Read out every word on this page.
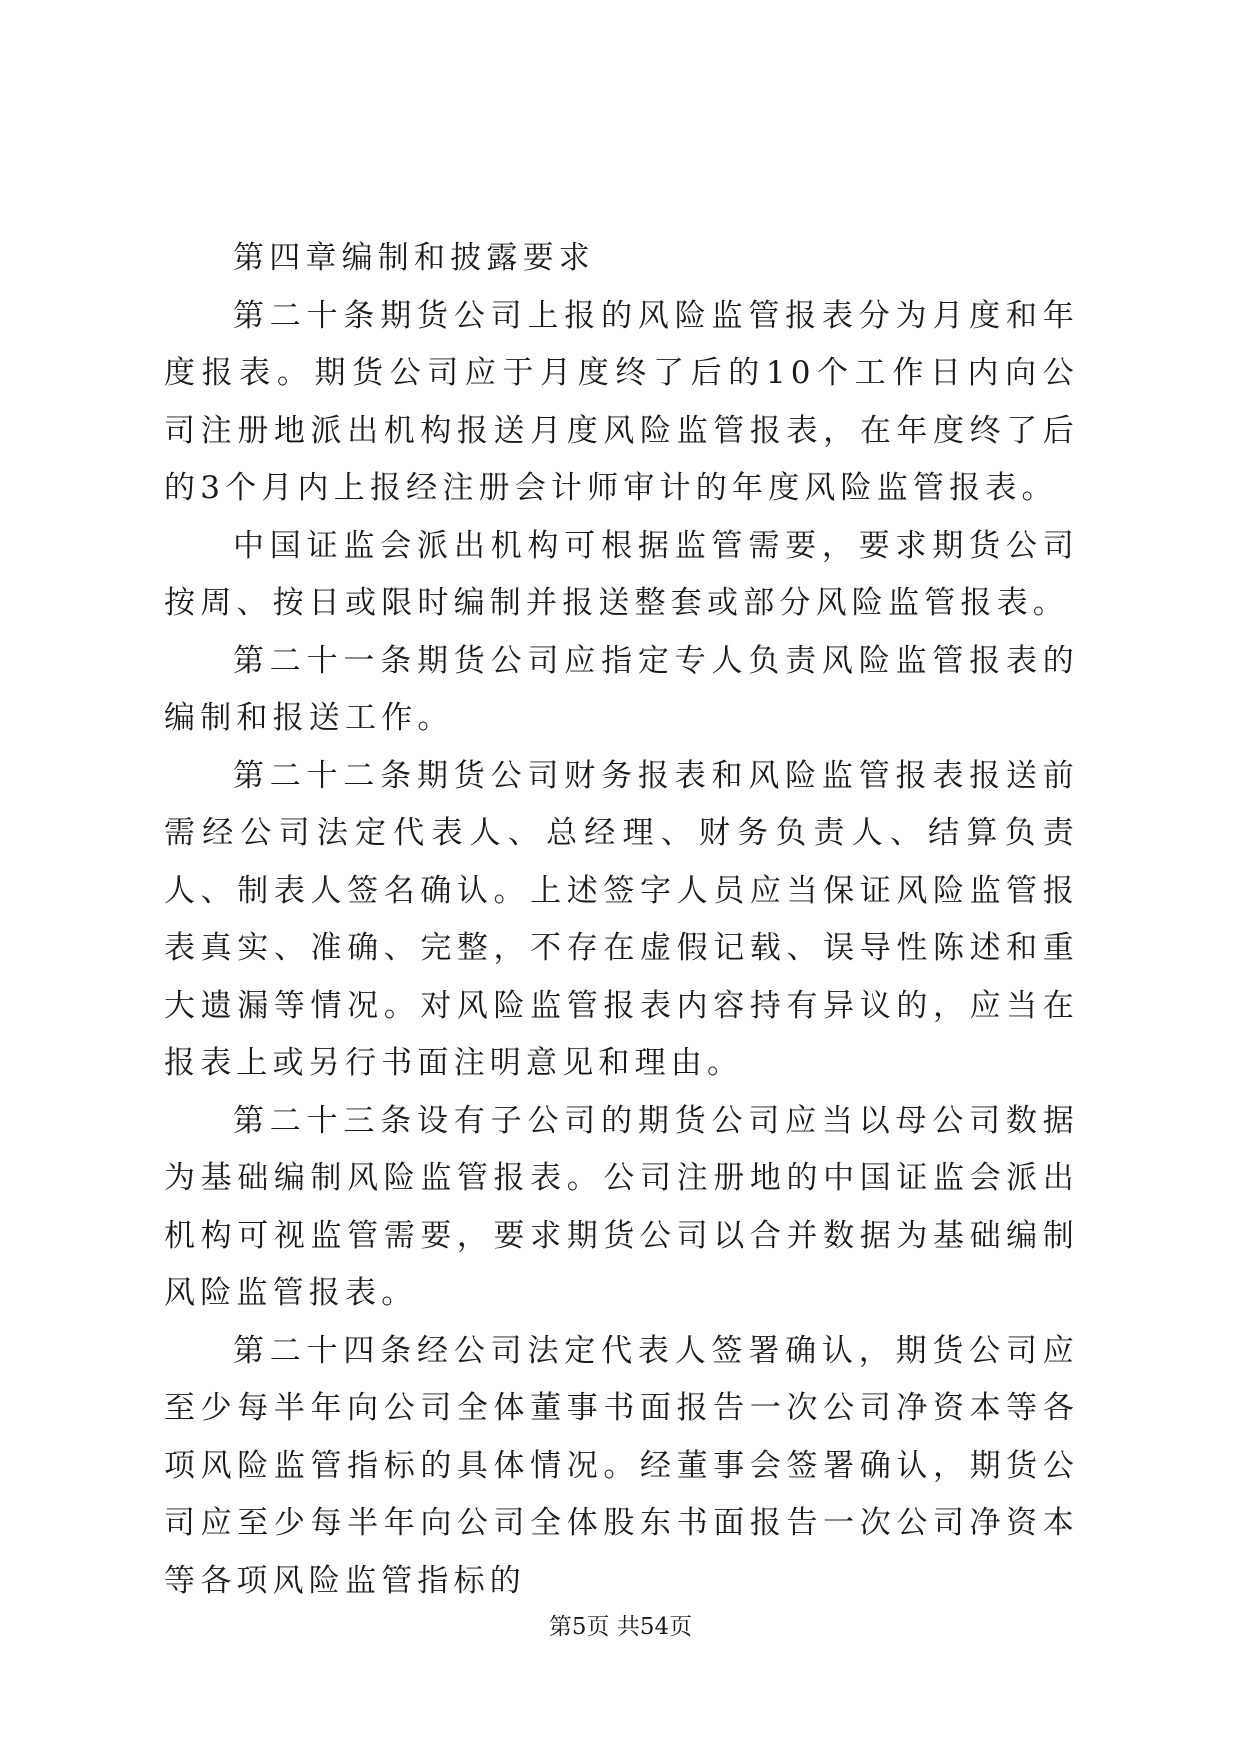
第四章编制和披露要求

第二十条期货公司上报的风险监管报表分为月度和年度报表。期货公司应于月度终了后的10个工作日内向公司注册地派出机构报送月度风险监管报表，在年度终了后的3个月内上报经注册会计师审计的年度风险监管报表。

中国证监会派出机构可根据监管需要，要求期货公司按周、按日或限时编制并报送整套或部分风险监管报表。

第二十一条期货公司应指定专人负责风险监管报表的编制和报送工作。

第二十二条期货公司财务报表和风险监管报表报送前需经公司法定代表人、总经理、财务负责人、结算负责人、制表人签名确认。上述签字人员应当保证风险监管报表真实、准确、完整，不存在虚假记载、误导性陈述和重大遗漏等情况。对风险监管报表内容持有异议的，应当在报表上或另行书面注明意见和理由。

第二十三条设有子公司的期货公司应当以母公司数据为基础编制风险监管报表。公司注册地的中国证监会派出机构可视监管需要，要求期货公司以合并数据为基础编制风险监管报表。

第二十四条经公司法定代表人签署确认，期货公司应至少每半年向公司全体董事书面报告一次公司净资本等各项风险监管指标的具体情况。经董事会签署确认，期货公司应至少每半年向公司全体股东书面报告一次公司净资本等各项风险监管指标的

第5页 共54页
